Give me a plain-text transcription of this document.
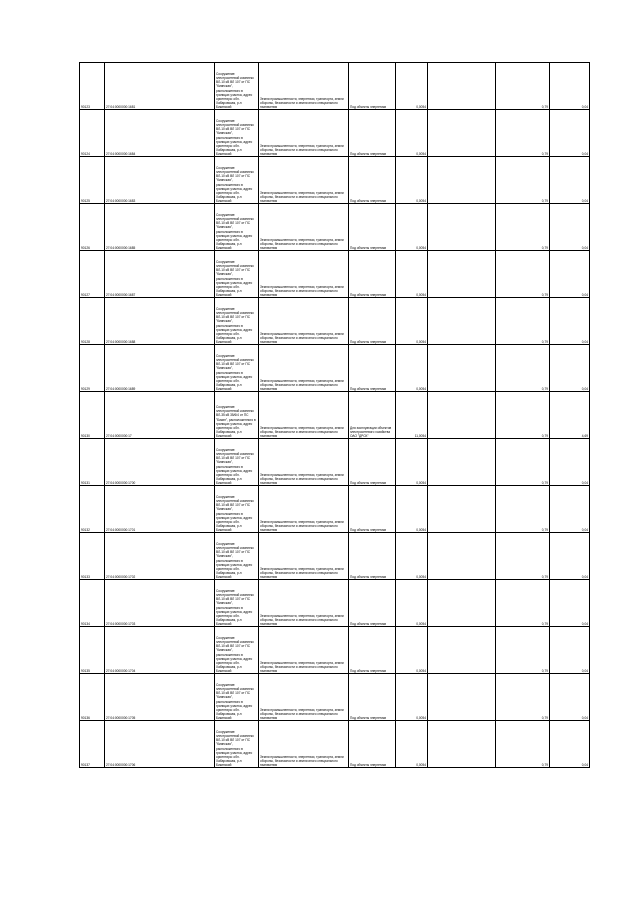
90123	27:04:0000000:1681	Сооружение: электросетевой комплекс ВЛ-10 кВ ВЛ 107 от ПС "Киинская", расположенного в границах участка, адрес ориентира: обл. Хабаровская, р-н Бикинский	Земли промышленности, энергетики, транспорта, земли обороны, безопасности и земли иного специального назначения	Под объекты энергетики	0,0054		0,79	0,04
90124	27:04:0000000:1684	Сооружение: электросетевой комплекс ВЛ-10 кВ ВЛ 107 от ПС "Киинская", расположенного в границах участка, адрес ориентира: обл. Хабаровская, р-н Бикинский	Земли промышленности, энергетики, транспорта, земли обороны, безопасности и земли иного специального назначения	Под объекты энергетики	0,0054		0,79	0,04
90125	27:04:0000000:1683	Сооружение: электросетевой комплекс ВЛ-10 кВ ВЛ 107 от ПС "Киинская", расположенного в границах участка, адрес ориентира: обл. Хабаровская, р-н Бикинский	Земли промышленности, энергетики, транспорта, земли обороны, безопасности и земли иного специального назначения	Под объекты энергетики	0,0054		0,79	0,04
90126	27:04:0000000:1685	Сооружение: электросетевой комплекс ВЛ-10 кВ ВЛ 107 от ПС "Киинская", расположенного в границах участка, адрес ориентира: обл. Хабаровская, р-н Бикинский	Земли промышленности, энергетики, транспорта, земли обороны, безопасности и земли иного специального назначения	Под объекты энергетики	0,0054		0,79	0,04
90127	27:04:0000000:1687	Сооружение: электросетевой комплекс ВЛ-10 кВ ВЛ 107 от ПС "Киинская", расположенного в границах участка, адрес ориентира: обл. Хабаровская, р-н Бикинский	Земли промышленности, энергетики, транспорта, земли обороны, безопасности и земли иного специального назначения	Под объекты энергетики	0,0054		0,79	0,04
90128	27:04:0000000:1688	Сооружение: электросетевой комплекс ВЛ-10 кВ ВЛ 107 от ПС "Киинская", расположенного в границах участка, адрес ориентира: обл. Хабаровская, р-н Бикинский	Земли промышленности, энергетики, транспорта, земли обороны, безопасности и земли иного специального назначения	Под объекты энергетики	0,0054		0,79	0,04
90129	27:04:0000000:1689	Сооружение: электросетевой комплекс ВЛ-10 кВ ВЛ 107 от ПС "Киинская", расположенного в границах участка, адрес ориентира: обл. Хабаровская, р-н Бикинский	Земли промышленности, энергетики, транспорта, земли обороны, безопасности и земли иного специального назначения	Под объекты энергетики	0,0054		0,79	0,04
90130	27:04:0000000:17	Сооружение: электросетевой комплекс ВЛ-35 кВ 35/6/4 от ПС "Бикин", расположенного в границах участка, адрес ориентира: обл. Хабаровская, р-н Бикинский	Земли промышленности, энергетики, транспорта, земли обороны, безопасности и земли иного специального назначения	Для эксплуатации объектов электросетевого хозяйства ОАО "ДРСК"	11,0054		0,79	4,69
90131	27:04:0000000:1700	Сооружение: электросетевой комплекс ВЛ-10 кВ ВЛ 107 от ПС "Киинская", расположенного в границах участка, адрес ориентира: обл. Хабаровская, р-н Бикинский	Земли промышленности, энергетики, транспорта, земли обороны, безопасности и земли иного специального назначения	Под объекты энергетики	0,0054		0,79	0,04
90132	27:04:0000000:1701	Сооружение: электросетевой комплекс ВЛ-10 кВ ВЛ 107 от ПС "Киинская", расположенного в границах участка, адрес ориентира: обл. Хабаровская, р-н Бикинский	Земли промышленности, энергетики, транспорта, земли обороны, безопасности и земли иного специального назначения	Под объекты энергетики	0,0054		0,79	0,04
90133	27:04:0000000:1702	Сооружение: электросетевой комплекс ВЛ-10 кВ ВЛ 107 от ПС "Киинская", расположенного в границах участка, адрес ориентира: обл. Хабаровская, р-н Бикинский	Земли промышленности, энергетики, транспорта, земли обороны, безопасности и земли иного специального назначения	Под объекты энергетики	0,0054		0,79	0,04
90134	27:04:0000000:1703	Сооружение: электросетевой комплекс ВЛ-10 кВ ВЛ 107 от ПС "Киинская", расположенного в границах участка, адрес ориентира: обл. Хабаровская, р-н Бикинский	Земли промышленности, энергетики, транспорта, земли обороны, безопасности и земли иного специального назначения	Под объекты энергетики	0,0054		0,79	0,04
90135	27:04:0000000:1704	Сооружение: электросетевой комплекс ВЛ-10 кВ ВЛ 107 от ПС "Киинская", расположенного в границах участка, адрес ориентира: обл. Хабаровская, р-н Бикинский	Земли промышленности, энергетики, транспорта, земли обороны, безопасности и земли иного специального назначения	Под объекты энергетики	0,0054		0,79	0,04
90136	27:04:0000000:1705	Сооружение: электросетевой комплекс ВЛ-10 кВ ВЛ 107 от ПС "Киинская", расположенного в границах участка, адрес ориентира: обл. Хабаровская, р-н Бикинский	Земли промышленности, энергетики, транспорта, земли обороны, безопасности и земли иного специального назначения	Под объекты энергетики	0,0054		0,79	0,04
90137	27:04:0000000:1706	Сооружение: электросетевой комплекс ВЛ-10 кВ ВЛ 107 от ПС "Киинская", расположенного в границах участка, адрес ориентира: обл. Хабаровская, р-н Бикинский	Земли промышленности, энергетики, транспорта, земли обороны, безопасности и земли иного специального назначения	Под объекты энергетики	0,0054		0,79	0,04
